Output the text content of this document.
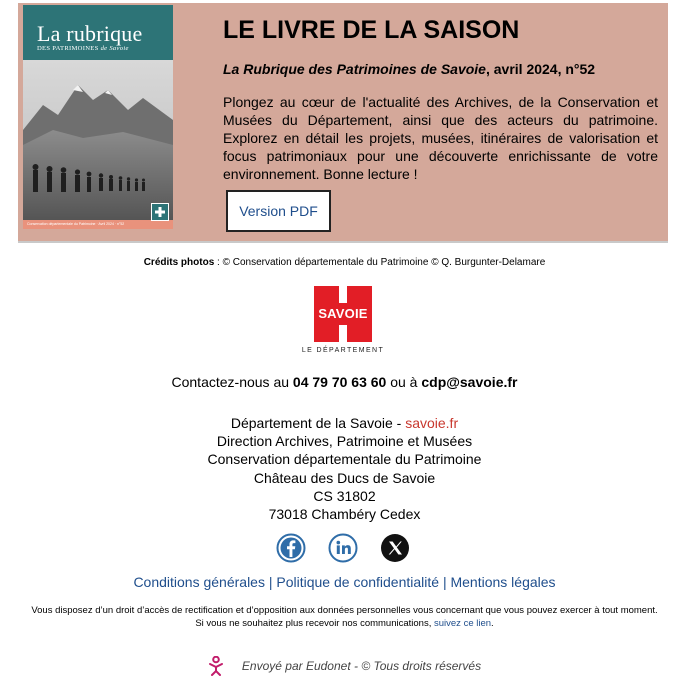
La rubrique
DES PATRIMOINES de Savoie
Conservation départementale du Patrimoine · Avril 2024 · n°52
LE LIVRE DE LA SAISON
La Rubrique des Patrimoines de Savoie, avril 2024, n°52
Plongez au cœur de l'actualité des Archives, de la Conservation et Musées du Département, ainsi que des acteurs du patrimoine. Explorez en détail les projets, musées, itinéraires de valorisation et focus patrimoniaux pour une découverte enrichissante de votre environnement. Bonne lecture !
Version PDF
Crédits photos : © Conservation départementale du Patrimoine © Q. Burgunter-Delamare
SAVOIE
LE DÉPARTEMENT
Contactez-nous au 04 79 70 63 60 ou à cdp@savoie.fr
Département de la Savoie - savoie.fr
Direction Archives, Patrimoine et Musées
Conservation départementale du Patrimoine
Château des Ducs de Savoie
CS 31802
73018 Chambéry Cedex
Conditions générales | Politique de confidentialité | Mentions légales
Vous disposez d’un droit d’accès de rectification et d’opposition aux données personnelles vous concernant que vous pouvez exercer à tout moment. Si vous ne souhaitez plus recevoir nos communications, suivez ce lien.
Envoyé par Eudonet - © Tous droits réservés
